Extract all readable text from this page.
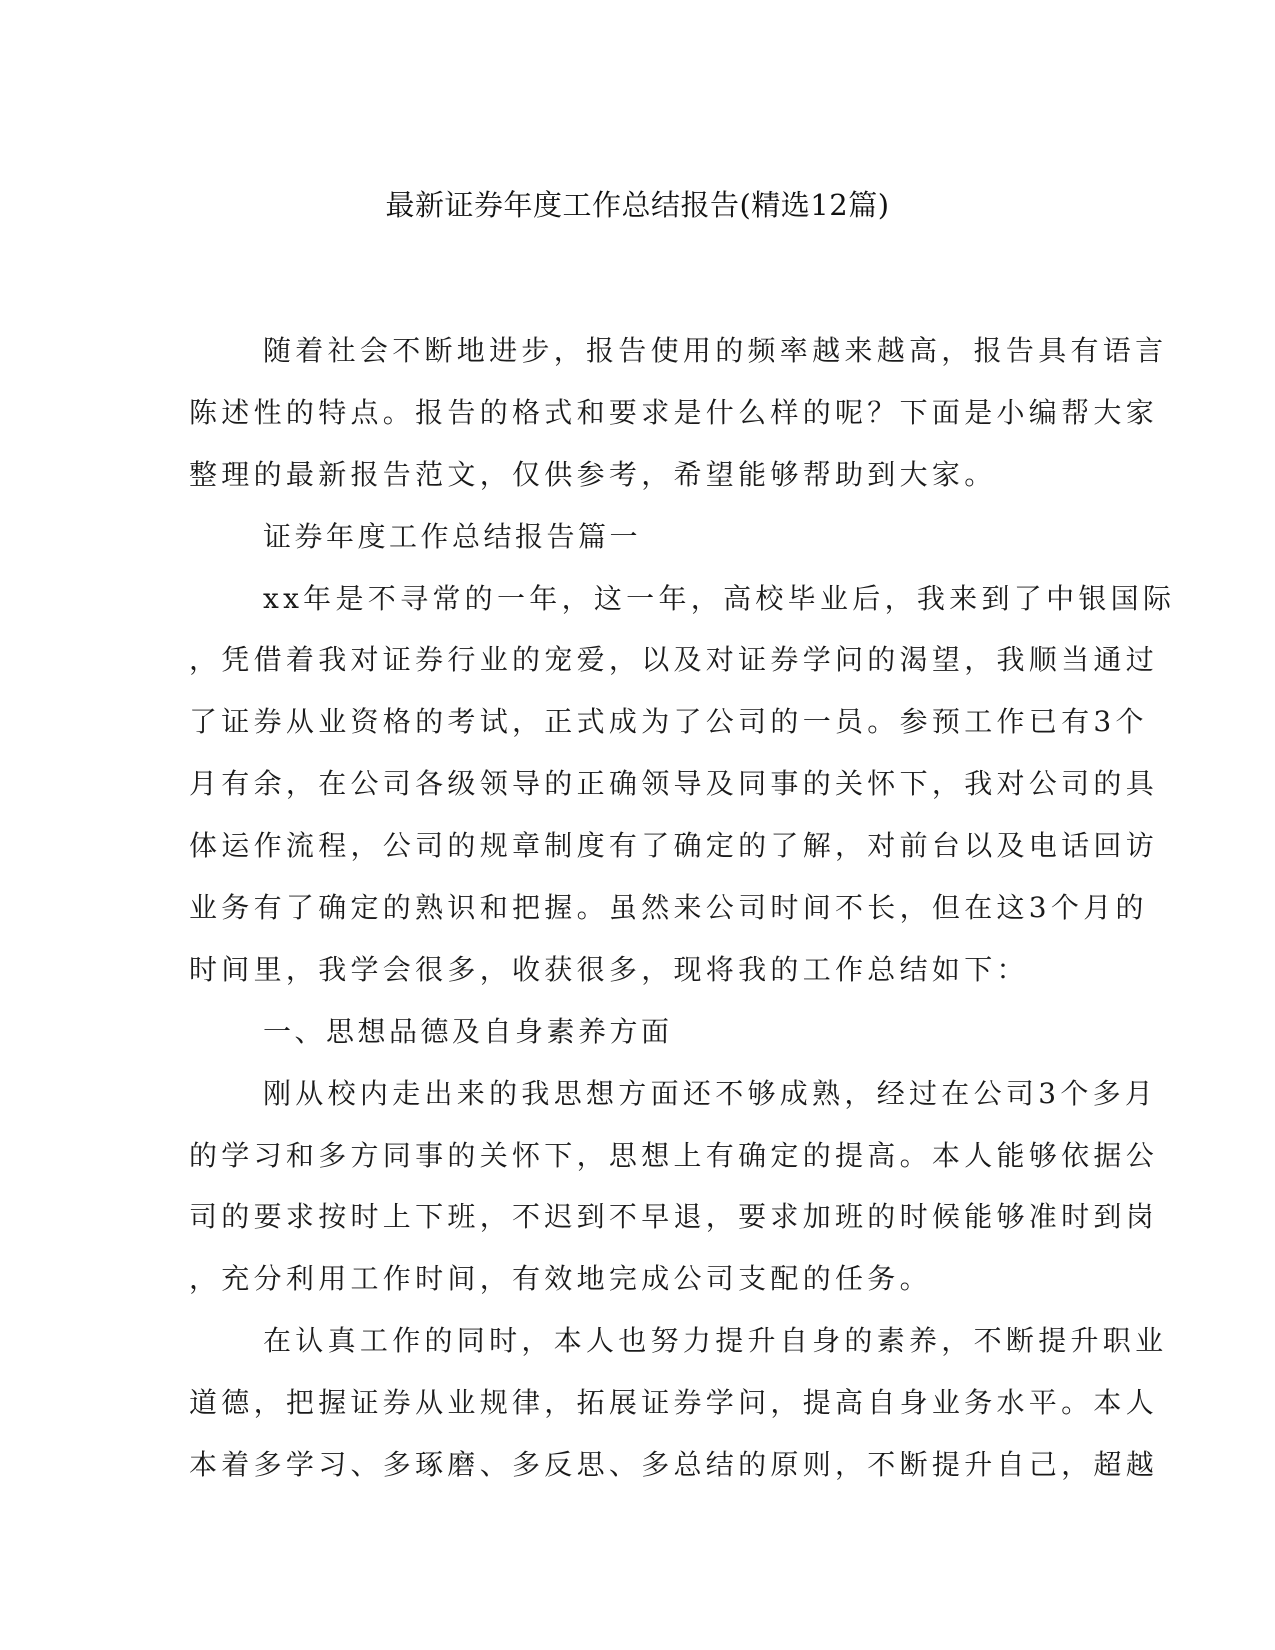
最新证券年度工作总结报告(精选12篇)
随着社会不断地进步，报告使用的频率越来越高，报告具有语言
陈述性的特点。报告的格式和要求是什么样的呢？下面是小编帮大家
整理的最新报告范文，仅供参考，希望能够帮助到大家。
证券年度工作总结报告篇一
xx年是不寻常的一年，这一年，高校毕业后，我来到了中银国际
，凭借着我对证券行业的宠爱，以及对证券学问的渴望，我顺当通过
了证券从业资格的考试，正式成为了公司的一员。参预工作已有3个
月有余，在公司各级领导的正确领导及同事的关怀下，我对公司的具
体运作流程，公司的规章制度有了确定的了解，对前台以及电话回访
业务有了确定的熟识和把握。虽然来公司时间不长，但在这3个月的
时间里，我学会很多，收获很多，现将我的工作总结如下：
一、思想品德及自身素养方面
刚从校内走出来的我思想方面还不够成熟，经过在公司3个多月
的学习和多方同事的关怀下，思想上有确定的提高。本人能够依据公
司的要求按时上下班，不迟到不早退，要求加班的时候能够准时到岗
，充分利用工作时间，有效地完成公司支配的任务。
在认真工作的同时，本人也努力提升自身的素养，不断提升职业
道德，把握证券从业规律，拓展证券学问，提高自身业务水平。本人
本着多学习、多琢磨、多反思、多总结的原则，不断提升自己，超越
